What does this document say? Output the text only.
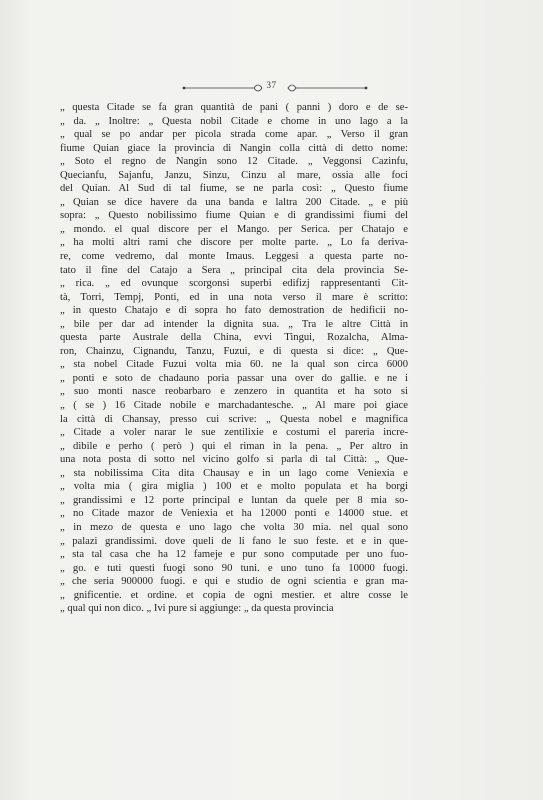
37
„ questa Citade se fa gran quantità de pani ( panni ) doro e de se-
„ da. „ Inoltre: „ Questa nobil Citade e chome in uno lago a la
„ qual se po andar per picola strada come apar. „ Verso il gran
fiume Quian giace la provincia di Nangin colla città di detto nome:
„ Soto el regno de Nangin sono 12 Citade. „ Veggonsi Cazinfu,
Quecianfu, Sajanfu, Janzu, Sinzu, Cinzu al mare, ossia alle foci
del Quian. Al Sud di tal fiume, se ne parla così: „ Questo fiume
„ Quian se dice havere da una banda e laltra 200 Citade. „ e più
sopra: „ Questo nobilissimo fiume Quian e di grandissimi fiumi del
„ mondo. el qual discore per el Mango. per Serica. per Chatajo e
„ ha molti altri rami che discore per molte parte. „ Lo fa deriva-
re, come vedremo, dal monte Imaus. Leggesi a questa parte no-
tato il fine del Catajo a Sera „ principal cita dela provincia Se-
„ rica. „ ed ovunque scorgonsi superbi edifizj rappresentanti Cit-
tà, Torri, Tempj, Ponti, ed in una nota verso il mare è scritto:
„ in questo Chatajo e di sopra ho fato demostration de hedificii no-
„ bile per dar ad intender la dignita sua. „ Tra le altre Città in
questa parte Australe della China, evvi Tingui, Rozalcha, Alma-
ron, Chainzu, Cignandu, Tanzu, Fuzui, e di questa si dice: „ Que-
„ sta nobel Citade Fuzui volta mia 60. ne la qual son circa 6000
„ ponti e soto de chadauno poria passar una over do gallie. e ne i
„ suo monti nasce reobarbaro e zenzero in quantita et ha soto si
„ ( se ) 16 Citade nobile e marchadantesche. „ Al mare poi giace
la città di Chansay, presso cui scrive: „ Questa nobel e magnifica
„ Citade a voler narar le sue zentilixie e costumi el pareria incre-
„ dibile e perho ( però ) qui el riman in la pena. „ Per altro in
una nota posta di sotto nel vicino golfo si parla di tal Città: „ Que-
„ sta nobilissima Cita dita Chausay e in un lago come Veniexia e
„ volta mia ( gira miglia ) 100 et e molto populata et ha borgi
„ grandissimi e 12 porte principal e luntan da quele per 8 mia so-
„ no Citade mazor de Veniexia et ha 12000 ponti e 14000 stue. et
„ in mezo de questa e uno lago che volta 30 mia. nel qual sono
„ palazi grandissimi. dove queli de li fano le suo feste. et e in que-
„ sta tal casa che ha 12 fameje e pur sono computade per uno fuo-
„ go. e tuti questi fuogi sono 90 tuni. e uno tuno fa 10000 fuogi.
„ che seria 900000 fuogi. e qui e studio de ogni scientia e gran ma-
„ gnificentie. et ordine. et copia de ogni mestier. et altre cosse le
„ qual qui non dico. „ Ivi pure si aggiunge: „ da questa provincia
